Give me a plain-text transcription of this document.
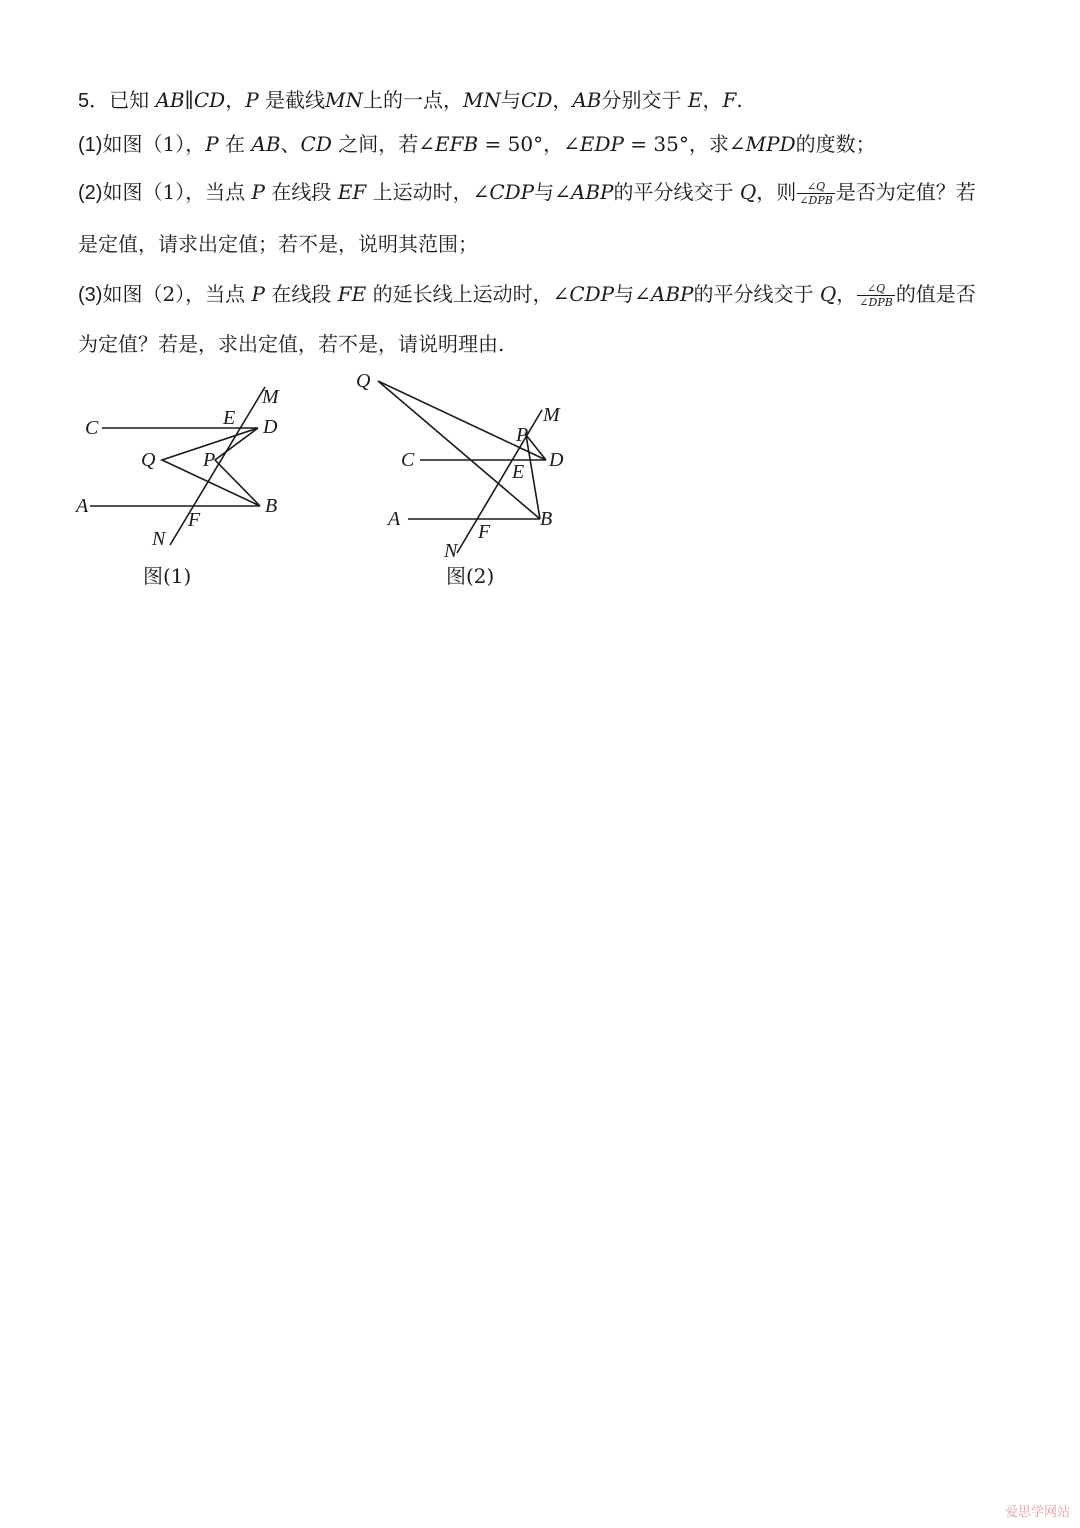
5．已知 AB∥CD，P 是截线MN上的一点，MN与CD，AB分别交于 E，F.
(1)如图（1），P 在 AB、CD 之间，若∠EFB = 50°，∠EDP = 35°，求∠MPD的度数；
(2)如图（1），当点 P 在线段 EF 上运动时，∠CDP与∠ABP的平分线交于 Q，则 $\frac{\angle Q}{\text{∠DPB}}$ 是否为定值？若
是定值，请求出定值；若不是，说明其范围；
(3)如图（2），当点 P 在线段 FE 的延长线上运动时，∠CDP与∠ABP的平分线交于 Q， $\frac{\angle Q}{\text{∠DPB}}$ 的值是否
为定值？若是，求出定值，若不是，请说明理由.
C	D
E
M
Q P
A	B
F
N
图(1)
Q
P
M
C	D
E
A	B
F
N
图(2)
爱思学网站
